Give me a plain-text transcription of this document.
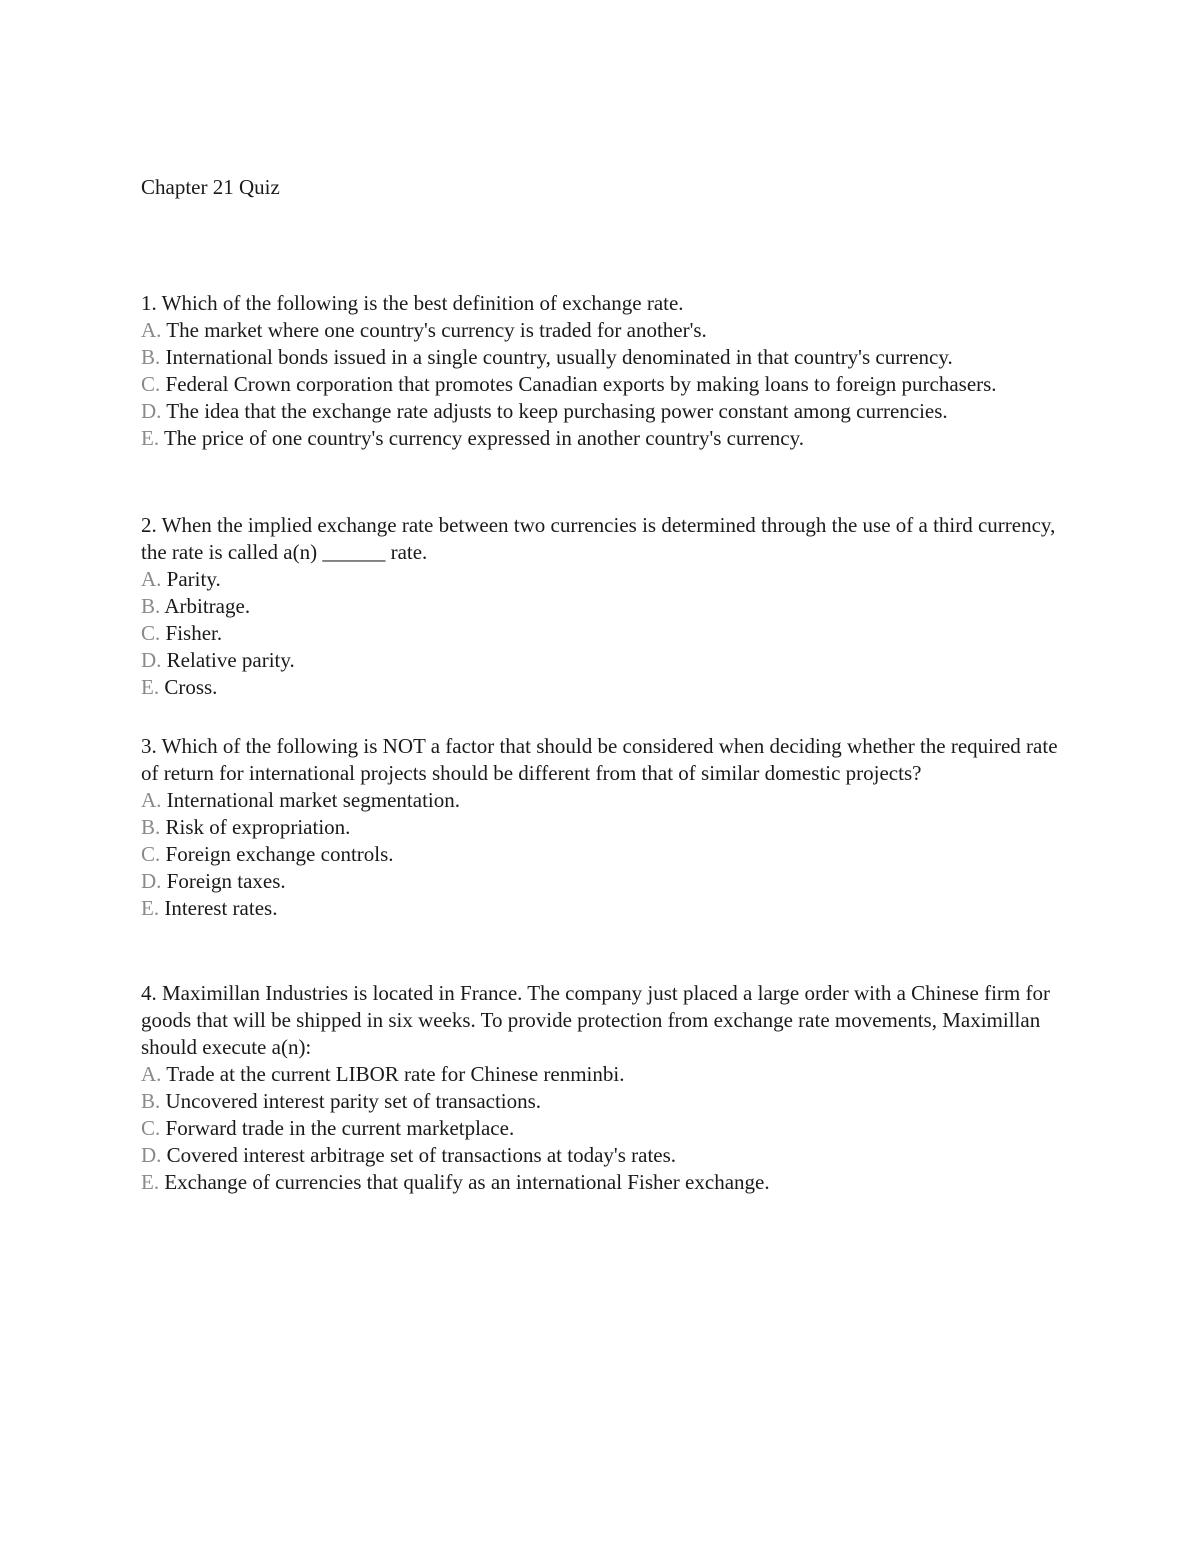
Chapter 21 Quiz

1. Which of the following is the best definition of exchange rate.

A. The market where one country's currency is traded for another's.

B. International bonds issued in a single country, usually denominated in that country's currency.

C. Federal Crown corporation that promotes Canadian exports by making loans to foreign purchasers.

D. The idea that the exchange rate adjusts to keep purchasing power constant among currencies.

E. The price of one country's currency expressed in another country's currency.

2. When the implied exchange rate between two currencies is determined through the use of a third currency, the rate is called a(n) ______ rate.

A. Parity.

B. Arbitrage.

C. Fisher.

D. Relative parity.

E. Cross.

3. Which of the following is NOT a factor that should be considered when deciding whether the required rate of return for international projects should be different from that of similar domestic projects?

A. International market segmentation.

B. Risk of expropriation.

C. Foreign exchange controls.

D. Foreign taxes.

E. Interest rates.

4. Maximillan Industries is located in France. The company just placed a large order with a Chinese firm for goods that will be shipped in six weeks. To provide protection from exchange rate movements, Maximillan should execute a(n):

A. Trade at the current LIBOR rate for Chinese renminbi.

B. Uncovered interest parity set of transactions.

C. Forward trade in the current marketplace.

D. Covered interest arbitrage set of transactions at today's rates.

E. Exchange of currencies that qualify as an international Fisher exchange.
